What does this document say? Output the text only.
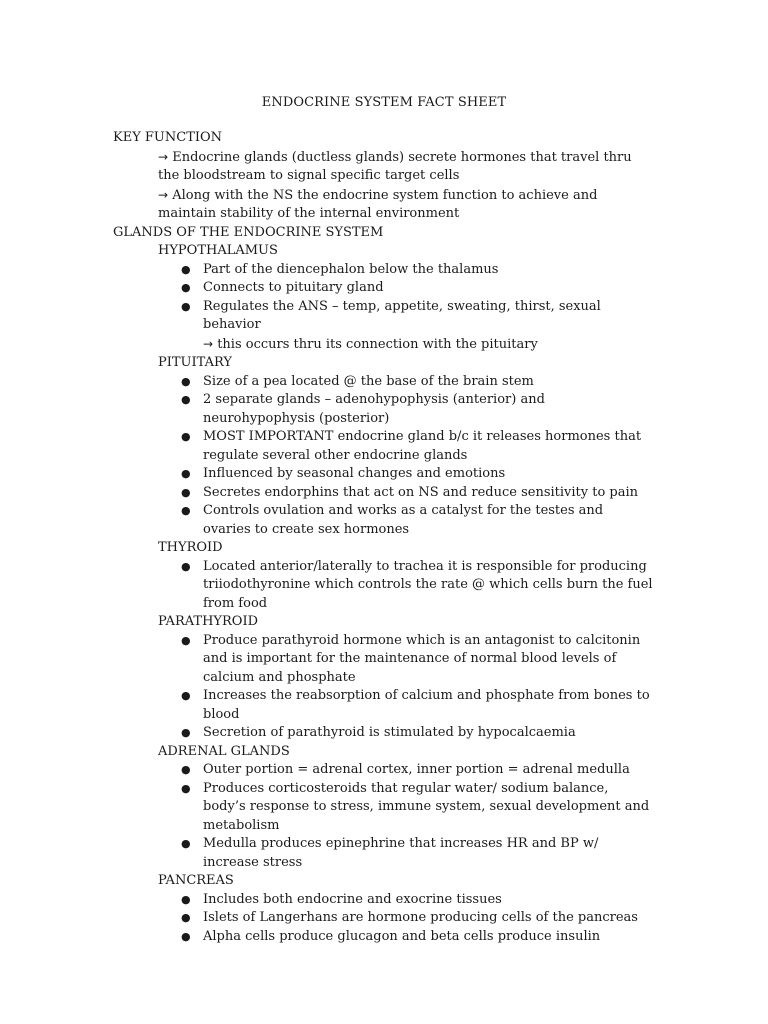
ENDOCRINE SYSTEM FACT SHEET
KEY FUNCTION
→ Endocrine glands (ductless glands) secrete hormones that travel thru the bloodstream to signal specific target cells
→ Along with the NS the endocrine system function to achieve and maintain stability of the internal environment
GLANDS OF THE ENDOCRINE SYSTEM
HYPOTHALAMUS
● Part of the diencephalon below the thalamus
● Connects to pituitary gland
● Regulates the ANS – temp, appetite, sweating, thirst, sexual behavior
→ this occurs thru its connection with the pituitary
PITUITARY
● Size of a pea located @ the base of the brain stem
● 2 separate glands – adenohypophysis (anterior) and neurohypophysis (posterior)
● MOST IMPORTANT endocrine gland b/c it releases hormones that regulate several other endocrine glands
● Influenced by seasonal changes and emotions
● Secretes endorphins that act on NS and reduce sensitivity to pain
● Controls ovulation and works as a catalyst for the testes and ovaries to create sex hormones
THYROID
● Located anterior/laterally to trachea it is responsible for producing triiodothyronine which controls the rate @ which cells burn the fuel from food
PARATHYROID
● Produce parathyroid hormone which is an antagonist to calcitonin and is important for the maintenance of normal blood levels of calcium and phosphate
● Increases the reabsorption of calcium and phosphate from bones to blood
● Secretion of parathyroid is stimulated by hypocalcaemia
ADRENAL GLANDS
● Outer portion = adrenal cortex, inner portion = adrenal medulla
● Produces corticosteroids that regular water/ sodium balance, body’s response to stress, immune system, sexual development and metabolism
● Medulla produces epinephrine that increases HR and BP w/ increase stress
PANCREAS
● Includes both endocrine and exocrine tissues
● Islets of Langerhans are hormone producing cells of the pancreas
● Alpha cells produce glucagon and beta cells produce insulin
